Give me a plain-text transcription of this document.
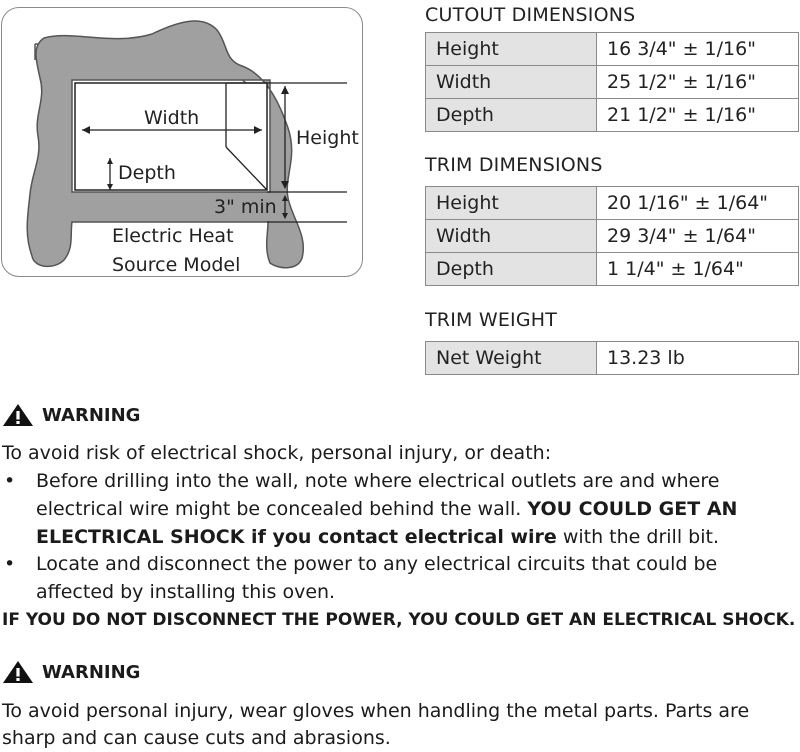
Width
Height
Depth
3" min
Electric Heat
Source Model
CUTOUT DIMENSIONS
Height	16 3/4" ± 1/16"
Width	25 1/2" ± 1/16"
Depth	21 1/2" ± 1/16"
TRIM DIMENSIONS
Height	20 1/16" ± 1/64"
Width	29 3/4" ± 1/64"
Depth	1 1/4" ± 1/64"
TRIM WEIGHT
Net Weight	13.23 lb
WARNING
To avoid risk of electrical shock, personal injury, or death:
• Before drilling into the wall, note where electrical outlets are and where
electrical wire might be concealed behind the wall. YOU COULD GET AN
ELECTRICAL SHOCK if you contact electrical wire with the drill bit.
• Locate and disconnect the power to any electrical circuits that could be
affected by installing this oven.
IF YOU DO NOT DISCONNECT THE POWER, YOU COULD GET AN ELECTRICAL SHOCK.
WARNING
To avoid personal injury, wear gloves when handling the metal parts. Parts are
sharp and can cause cuts and abrasions.
